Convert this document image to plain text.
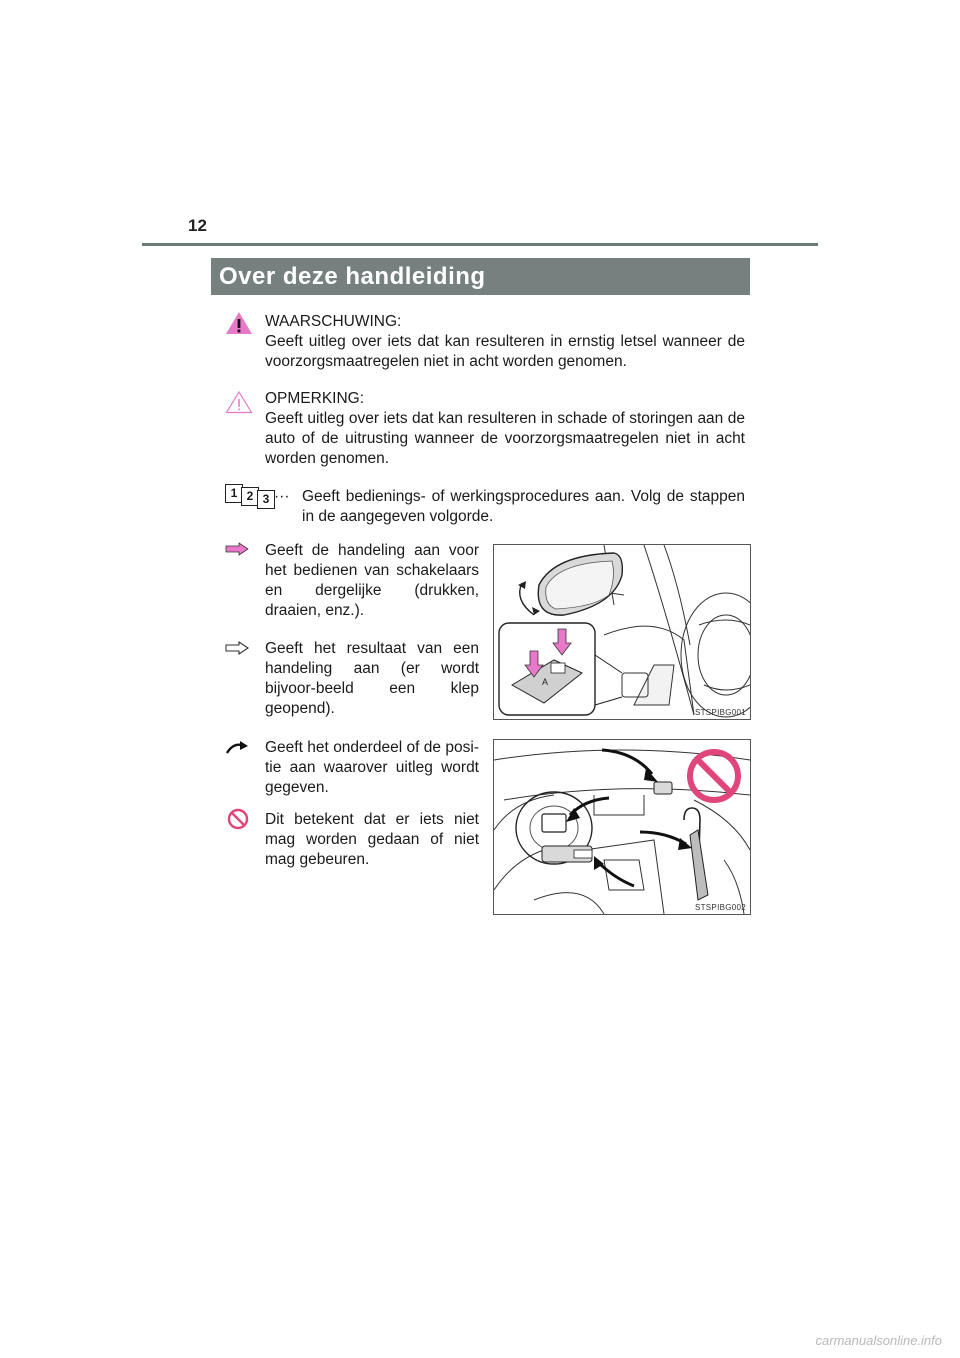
12
Over deze handleiding
WAARSCHUWING:
Geeft uitleg over iets dat kan resulteren in ernstig letsel wanneer de voorzorgsmaatregelen niet in acht worden genomen.
OPMERKING:
Geeft uitleg over iets dat kan resulteren in schade of storingen aan de auto of de uitrusting wanneer de voorzorgsmaatregelen niet in acht worden genomen.
1 2 3 ··· Geeft bedienings- of werkingsprocedures aan. Volg de stappen in de aangegeven volgorde.
Geeft de handeling aan voor het bedienen van schakelaars en dergelijke (drukken, draaien, enz.).
Geeft het resultaat van een handeling aan (er wordt bijvoor-beeld een klep geopend).
A
STSPIBG001
Geeft het onderdeel of de posi-tie aan waarover uitleg wordt gegeven.
Dit betekent dat er iets niet mag worden gedaan of niet mag gebeuren.
STSPIBG002
carmanualsonline.info
